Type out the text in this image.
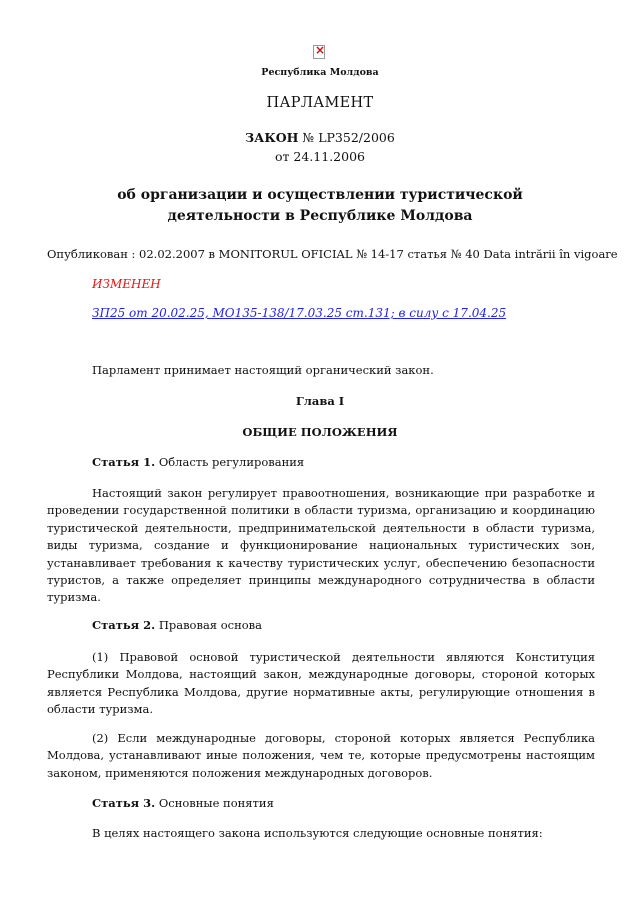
×
Республика Молдова
ПАРЛАМЕНТ
ЗАКОН № LP352/2006
от 24.11.2006
об организации и осуществлении туристической
деятельности в Республике Молдова
Опубликован : 02.02.2007 в MONITORUL OFICIAL № 14-17 статья № 40 Data intrării în vigoare
ИЗМЕНЕН
ЗП25 от 20.02.25, MO135-138/17.03.25 ст.131; в силу с 17.04.25
Парламент принимает настоящий органический закон.
Глава I
ОБЩИЕ ПОЛОЖЕНИЯ
Статья 1. Область регулирования
Настоящий закон регулирует правоотношения, возникающие при разработке и проведении государственной политики в области туризма, организацию и координацию туристической деятельности, предпринимательской деятельности в области туризма, виды туризма, создание и функционирование национальных туристических зон, устанавливает требования к качеству туристических услуг, обеспечению безопасности туристов, а также определяет принципы международного сотрудничества в области туризма.
Статья 2. Правовая основа
(1) Правовой основой туристической деятельности являются Конституция Республики Молдова, настоящий закон, международные договоры, стороной которых является Республика Молдова, другие нормативные акты, регулирующие отношения в области туризма.
(2) Если международные договоры, стороной которых является Республика Молдова, устанавливают иные положения, чем те, которые предусмотрены настоящим законом, применяются положения международных договоров.
Статья 3. Основные понятия
В целях настоящего закона используются следующие основные понятия:
